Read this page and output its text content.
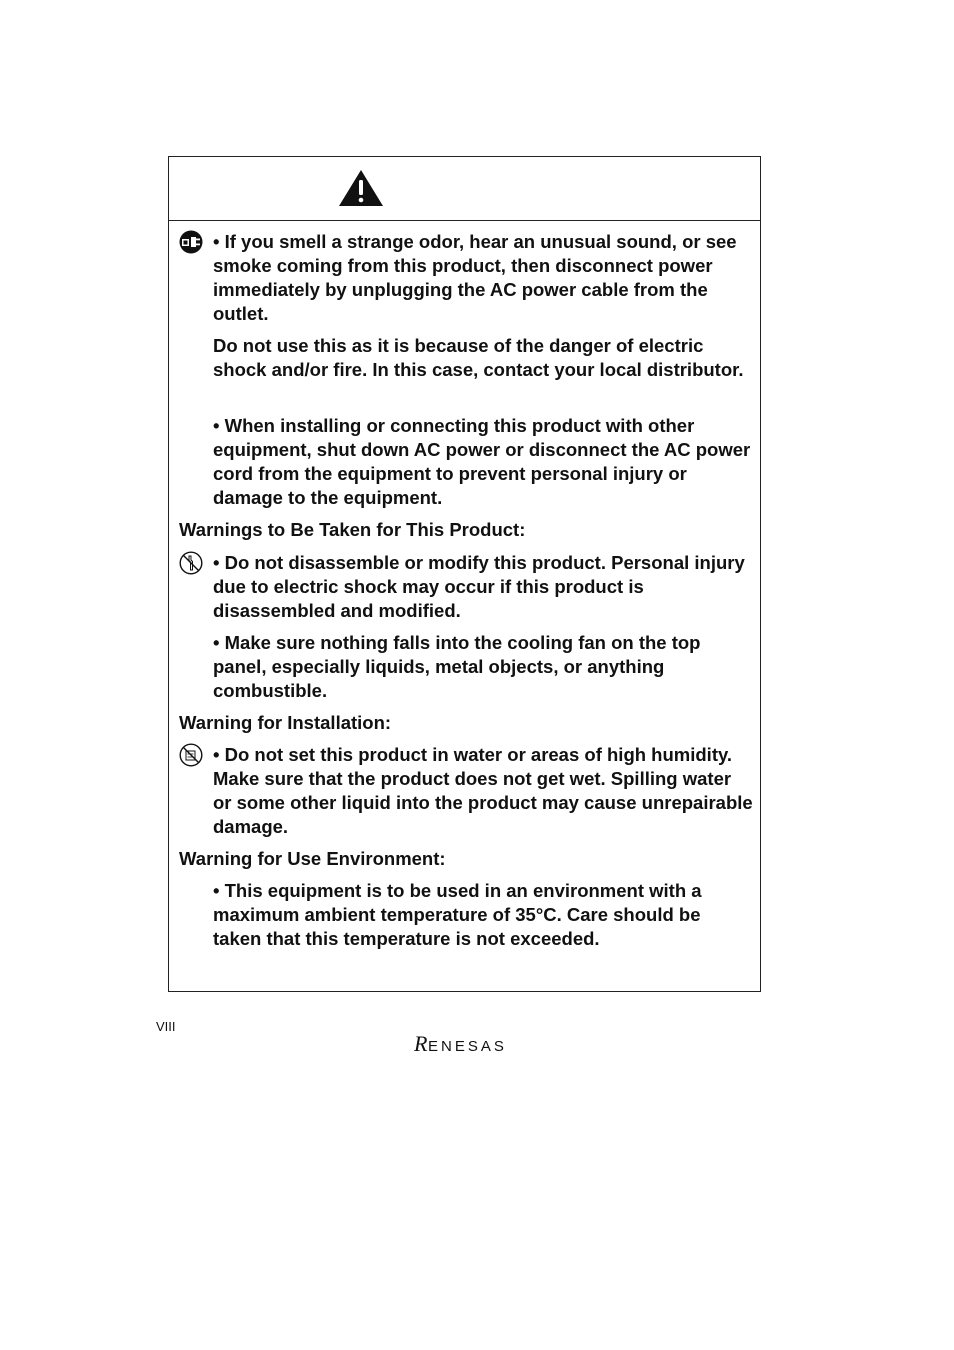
• If you smell a strange odor, hear an unusual sound, or see smoke coming from this product, then disconnect power immediately by unplugging the AC power cable from the outlet.

Do not use this as it is because of the danger of electric shock and/or fire. In this case, contact your local distributor.

• When installing or connecting this product with other equipment, shut down AC power or disconnect the AC power cord from the equipment to prevent personal injury or damage to the equipment.

Warnings to Be Taken for This Product:

• Do not disassemble or modify this product. Personal injury due to electric shock may occur if this product is disassembled and modified.

• Make sure nothing falls into the cooling fan on the top panel, especially liquids, metal objects, or anything combustible.

Warning for Installation:

• Do not set this product in water or areas of high humidity. Make sure that the product does not get wet. Spilling water or some other liquid into the product may cause unrepairable damage.

Warning for Use Environment:

• This equipment is to be used in an environment with a maximum ambient temperature of 35°C. Care should be taken that this temperature is not exceeded.

VIII
R ENESAS
